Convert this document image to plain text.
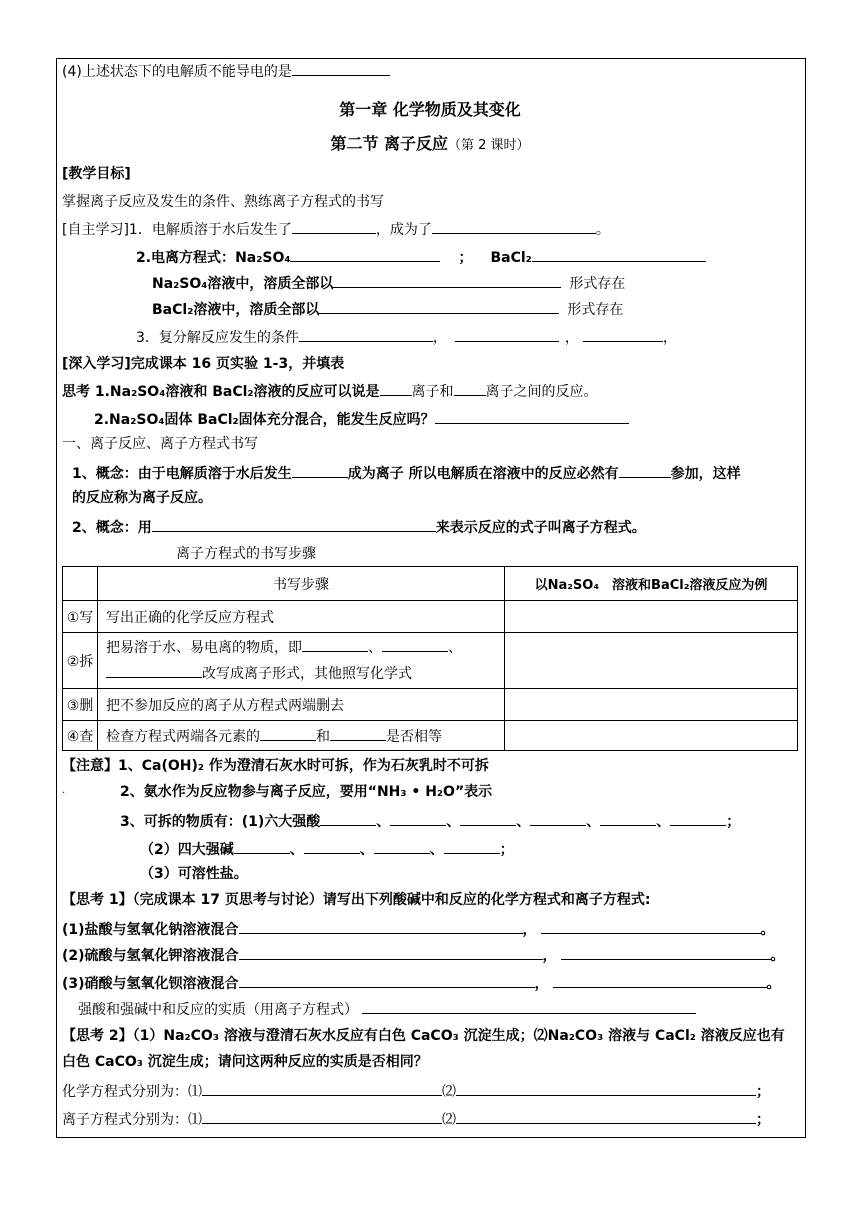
(4)上述状态下的电解质不能导电的是
第一章 化学物质及其变化
第二节 离子反应（第 2 课时）
[教学目标]
掌握离子反应及发生的条件、熟练离子方程式的书写
[自主学习]1．电解质溶于水后发生了	，成为了	。
2.电离方程式：Na₂SO₄	； BaCl₂
Na₂SO₄溶液中，溶质全部以	形式存在
BaCl₂溶液中，溶质全部以	形式存在
3．复分解反应发生的条件	，	，	，
[深入学习]完成课本 16 页实验 1-3，并填表
思考 1.Na₂SO₄溶液和 BaCl₂溶液的反应可以说是 离子和 离子之间的反应。
2.Na₂SO₄固体 BaCl₂固体充分混合，能发生反应吗？
一、离子反应、离子方程式书写
1、概念：由于电解质溶于水后发生	成为离子 所以电解质在溶液中的反应必然有	参加，这样
的反应称为离子反应。
2、概念：用	来表示反应的式子叫离子方程式。
离子方程式的书写步骤
	书写步骤	以Na₂SO₄　溶液和BaCl₂溶液反应为例
①写	写出正确的化学反应方程式	
②拆	把易溶于水、易电离的物质，即 、 、
改写成离子形式，其他照写化学式	
③删	把不参加反应的离子从方程式两端删去	
④查	检查方程式两端各元素的 和 是否相等	
【注意】1、Ca(OH)₂ 作为澄清石灰水时可拆，作为石灰乳时不可拆
·	2、氨水作为反应物参与离子反应，要用“NH₃ • H₂O”表示
3、可拆的物质有：(1)六大强酸	、	、	、	、	、	；
（2）四大强碱	、	、	、	；
（3）可溶性盐。
【思考 1】（完成课本 17 页思考与讨论）请写出下列酸碱中和反应的化学方程式和离子方程式:
(1)盐酸与氢氧化钠溶液混合	，	。
(2)硫酸与氢氧化钾溶液混合	，	。
(3)硝酸与氢氧化钡溶液混合	，	。
强酸和强碱中和反应的实质（用离子方程式）
【思考 2】（1）Na₂CO₃ 溶液与澄清石灰水反应有白色 CaCO₃ 沉淀生成；⑵Na₂CO₃ 溶液与 CaCl₂ 溶液反应也有
白色 CaCO₃ 沉淀生成；请问这两种反应的实质是否相同？
化学方程式分别为：⑴	⑵	；
离子方程式分别为：⑴	⑵	；
